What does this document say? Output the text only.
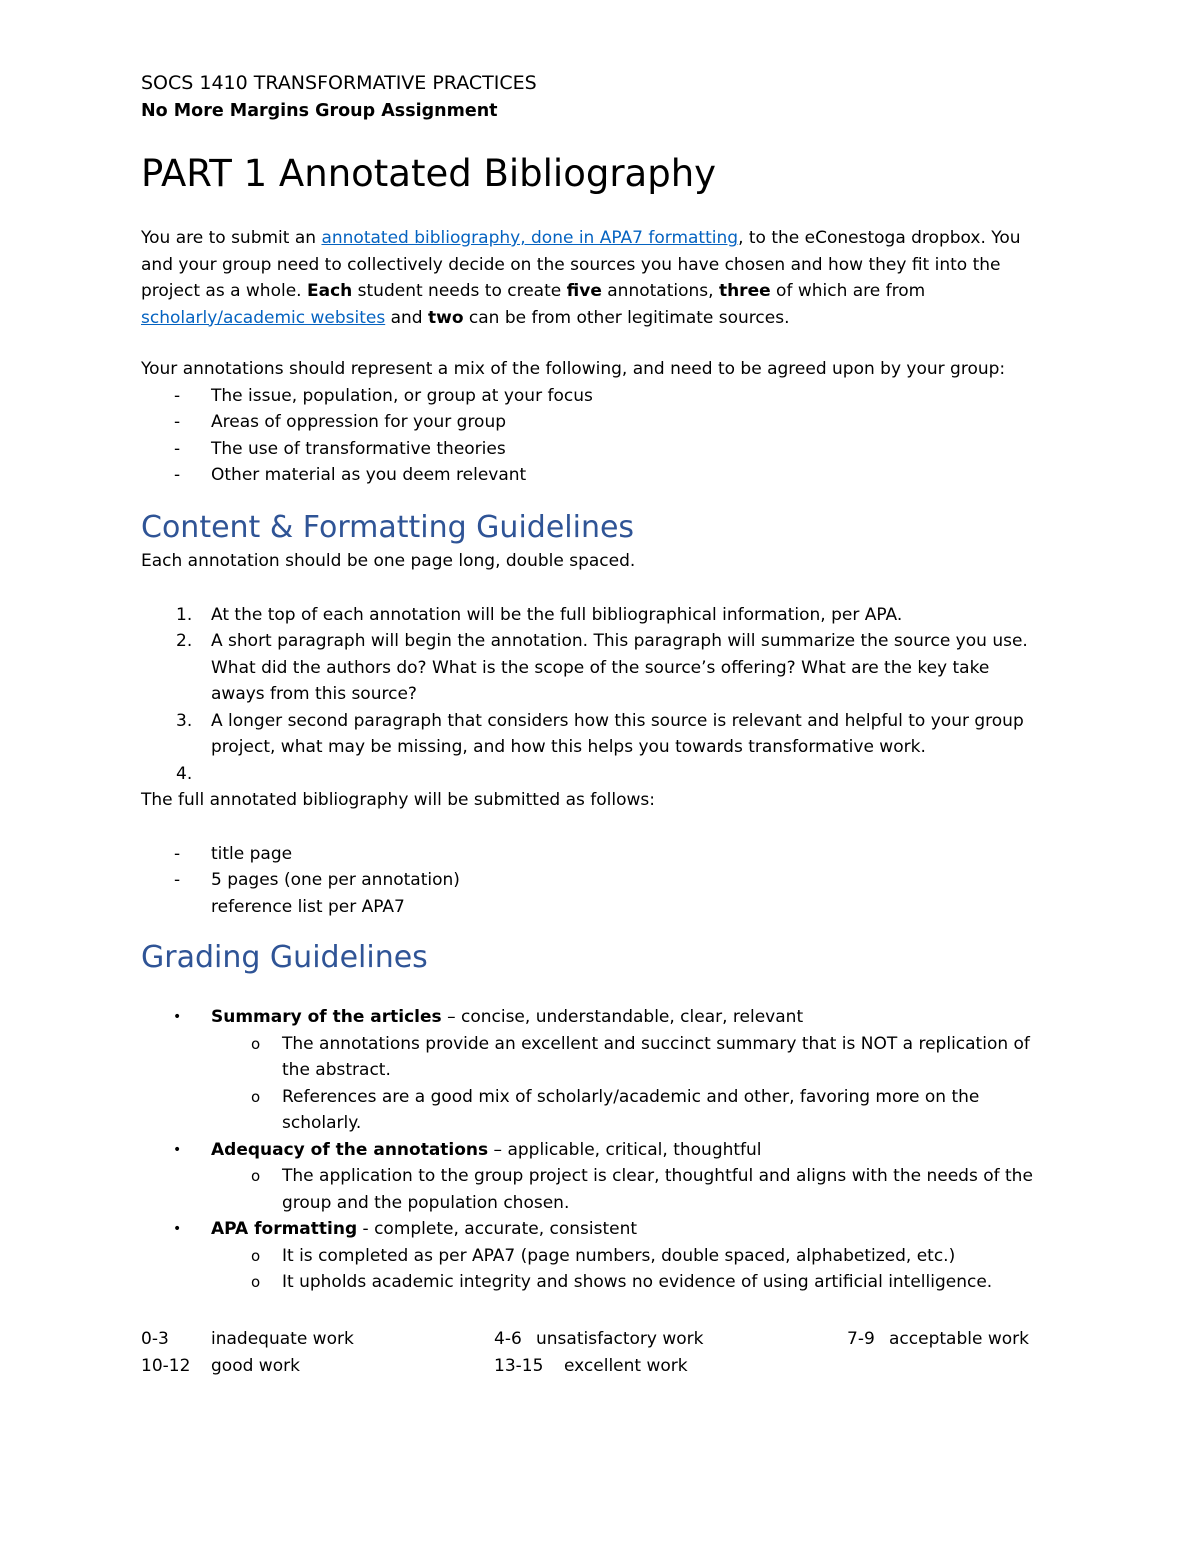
SOCS 1410 TRANSFORMATIVE PRACTICES
No More Margins Group Assignment
PART 1 Annotated Bibliography
You are to submit an annotated bibliography, done in APA7 formatting, to the eConestoga dropbox. You
and your group need to collectively decide on the sources you have chosen and how they fit into the
project as a whole. Each student needs to create five annotations, three of which are from
scholarly/academic websites and two can be from other legitimate sources.
Your annotations should represent a mix of the following, and need to be agreed upon by your group:
- The issue, population, or group at your focus
- Areas of oppression for your group
- The use of transformative theories
- Other material as you deem relevant
Content & Formatting Guidelines
Each annotation should be one page long, double spaced.
1. At the top of each annotation will be the full bibliographical information, per APA.
2. A short paragraph will begin the annotation. This paragraph will summarize the source you use.
What did the authors do? What is the scope of the source’s offering? What are the key take
aways from this source?
3. A longer second paragraph that considers how this source is relevant and helpful to your group
project, what may be missing, and how this helps you towards transformative work.
4.
The full annotated bibliography will be submitted as follows:
- title page
- 5 pages (one per annotation)
reference list per APA7
Grading Guidelines
• Summary of the articles – concise, understandable, clear, relevant
o The annotations provide an excellent and succinct summary that is NOT a replication of
the abstract.
o References are a good mix of scholarly/academic and other, favoring more on the
scholarly.
• Adequacy of the annotations – applicable, critical, thoughtful
o The application to the group project is clear, thoughtful and aligns with the needs of the
group and the population chosen.
• APA formatting - complete, accurate, consistent
o It is completed as per APA7 (page numbers, double spaced, alphabetized, etc.)
o It upholds academic integrity and shows no evidence of using artificial intelligence.
0-3 inadequate work	4-6 unsatisfactory work	7-9 acceptable work
10-12 good work	13-15 excellent work
